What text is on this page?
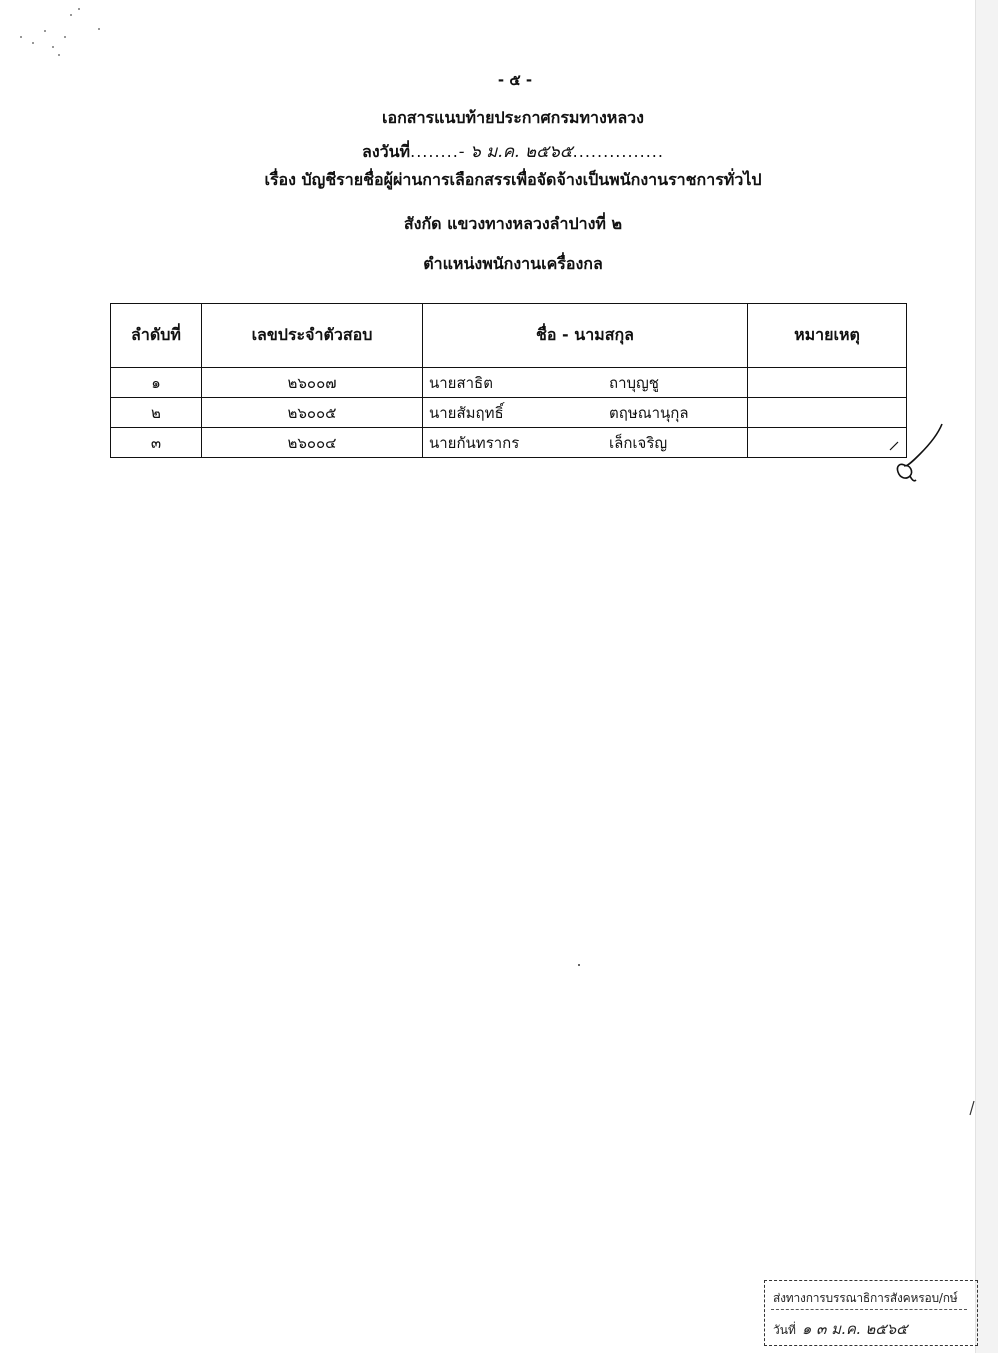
- ๕ -
เอกสารแนบท้ายประกาศกรมทางหลวง
ลงวันที่........- ๖ ม.ค. ๒๕๖๕...............
เรื่อง บัญชีรายชื่อผู้ผ่านการเลือกสรรเพื่อจัดจ้างเป็นพนักงานราชการทั่วไป
สังกัด แขวงทางหลวงลำปางที่ ๒
ตำแหน่งพนักงานเครื่องกล
ลำดับที่	เลขประจำตัวสอบ	ชื่อ - นามสกุล	หมายเหตุ
๑	๒๖๐๐๗	นายสาธิต ถาบุญชู	
๒	๒๖๐๐๕	นายสัมฤทธิ์ ตฤษณานุกุล	
๓	๒๖๐๐๔	นายกันทรากร เล็กเจริญ	
ส่งทางการบรรณาธิการสังคหรอบ/กษ์
วันที่ ๑ ๓ ม.ค. ๒๕๖๕
